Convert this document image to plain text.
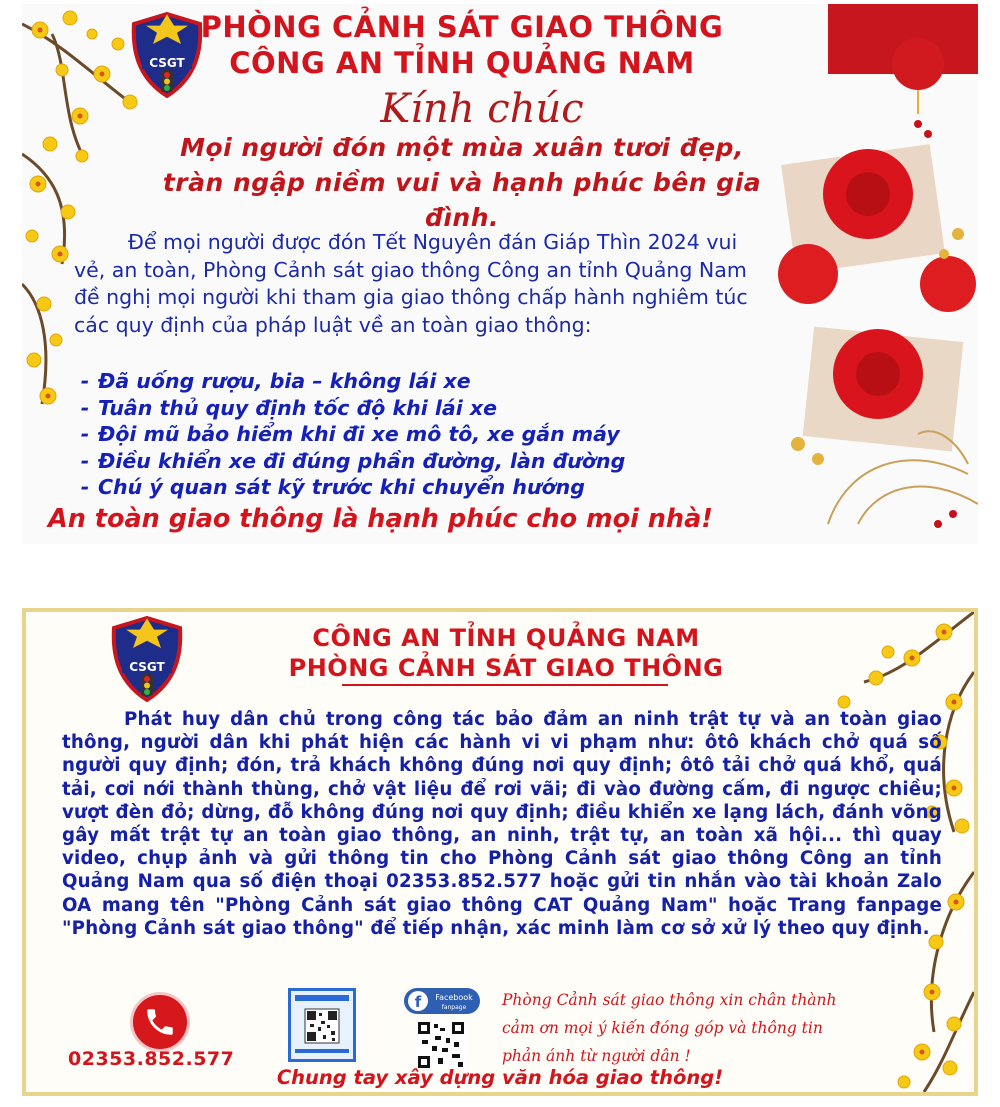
CSGT
PHÒNG CẢNH SÁT GIAO THÔNG
CÔNG AN TỈNH QUẢNG NAM
Kính chúc
Mọi người đón một mùa xuân tươi đẹp, tràn ngập niềm vui và hạnh phúc bên gia đình.
Để mọi người được đón Tết Nguyên đán Giáp Thìn 2024 vui vẻ, an toàn, Phòng Cảnh sát giao thông Công an tỉnh Quảng Nam đề nghị mọi người khi tham gia giao thông chấp hành nghiêm túc các quy định của pháp luật về an toàn giao thông:
- Đã uống rượu, bia – không lái xe
- Tuân thủ quy định tốc độ khi lái xe
- Đội mũ bảo hiểm khi đi xe mô tô, xe gắn máy
- Điều khiển xe đi đúng phần đường, làn đường
- Chú ý quan sát kỹ trước khi chuyển hướng
An toàn giao thông là hạnh phúc cho mọi nhà!
CSGT
CÔNG AN TỈNH QUẢNG NAM
PHÒNG CẢNH SÁT GIAO THÔNG
Phát huy dân chủ trong công tác bảo đảm an ninh trật tự và an toàn giao thông, người dân khi phát hiện các hành vi vi phạm như: ôtô khách chở quá số người quy định; đón, trả khách không đúng nơi quy định; ôtô tải chở quá khổ, quá tải, cơi nới thành thùng, chở vật liệu để rơi vãi; đi vào đường cấm, đi ngược chiều; vượt đèn đỏ; dừng, đỗ không đúng nơi quy định; điều khiển xe lạng lách, đánh võng gây mất trật tự an toàn giao thông, an ninh, trật tự, an toàn xã hội... thì quay video, chụp ảnh và gửi thông tin cho Phòng Cảnh sát giao thông Công an tỉnh Quảng Nam qua số điện thoại 02353.852.577 hoặc gửi tin nhắn vào tài khoản Zalo OA mang tên "Phòng Cảnh sát giao thông CAT Quảng Nam" hoặc Trang fanpage "Phòng Cảnh sát giao thông" để tiếp nhận, xác minh làm cơ sở xử lý theo quy định.
02353.852.577
f Facebook
fanpage Phòng Cảnh sát giao thông xin chân thành cảm ơn mọi ý kiến đóng góp và thông tin phản ánh từ người dân !
Chung tay xây dựng văn hóa giao thông!
